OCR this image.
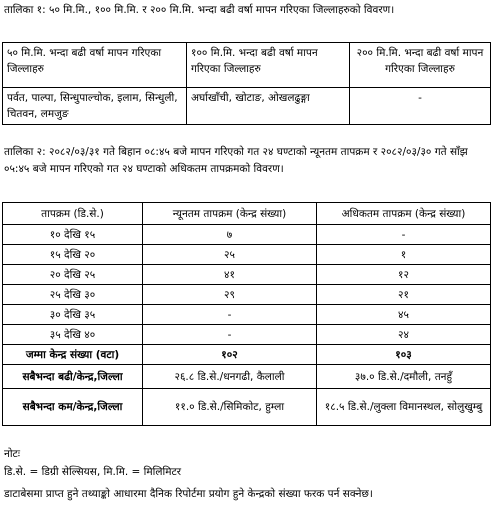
तालिका १: ५० मि.मि., १०० मि.मि. र २०० मि.मि. भन्दा बढी वर्षा मापन गरिएका जिल्लाहरुको विवरण।

५० मि.मि. भन्दा बढी वर्षा मापन गरिएका जिल्लाहरु	१०० मि.मि. भन्दा बढी वर्षा मापन गरिएका जिल्लाहरु	२०० मि.मि. भन्दा बढी वर्षा मापन गरिएका जिल्लाहरु
पर्वत, पाल्पा, सिन्धुपाल्चोक, इलाम, सिन्धुली, चितवन, लमजुङ	अर्घाखाँची, खोटाङ, ओखलढुङ्गा	-

तालिका २: २०८२/०३/३१ गते बिहान ०८:४५ बजे मापन गरिएको गत २४ घण्टाको न्यूनतम तापक्रम र २०८२/०३/३० गते साँझ ०५:४५ बजे मापन गरिएको गत २४ घण्टाको अधिकतम तापक्रमको विवरण।

तापक्रम (डि.से.)	न्यूनतम तापक्रम (केन्द्र संख्या)	अधिकतम तापक्रम (केन्द्र संख्या)
१० देखि १५	७	-
१५ देखि २०	२५	१
२० देखि २५	४१	१२
२५ देखि ३०	२९	२१
३० देखि ३५	-	४५
३५ देखि ४०	-	२४
जम्मा केन्द्र संख्या (वटा)	१०२	१०३
सबैभन्दा बढी/केन्द्र,जिल्ला	२६.८ डि.से./धनगढी, कैलाली	३७.० डि.से./दमौली, तनहुँ
सबैभन्दा कम/केन्द्र,जिल्ला	११.० डि.से./सिमिकोट, हुम्ला	१८.५ डि.से./लुक्ला विमानस्थल, सोलुखुम्बु

नोटः

डि.से. = डिग्री सेल्सियस, मि.मि. = मिलिमिटर

डाटाबेसमा प्राप्त हुने तथ्याङ्को आधारमा दैनिक रिपोर्टमा प्रयोग हुने केन्द्रको संख्या फरक पर्न सक्नेछ।
